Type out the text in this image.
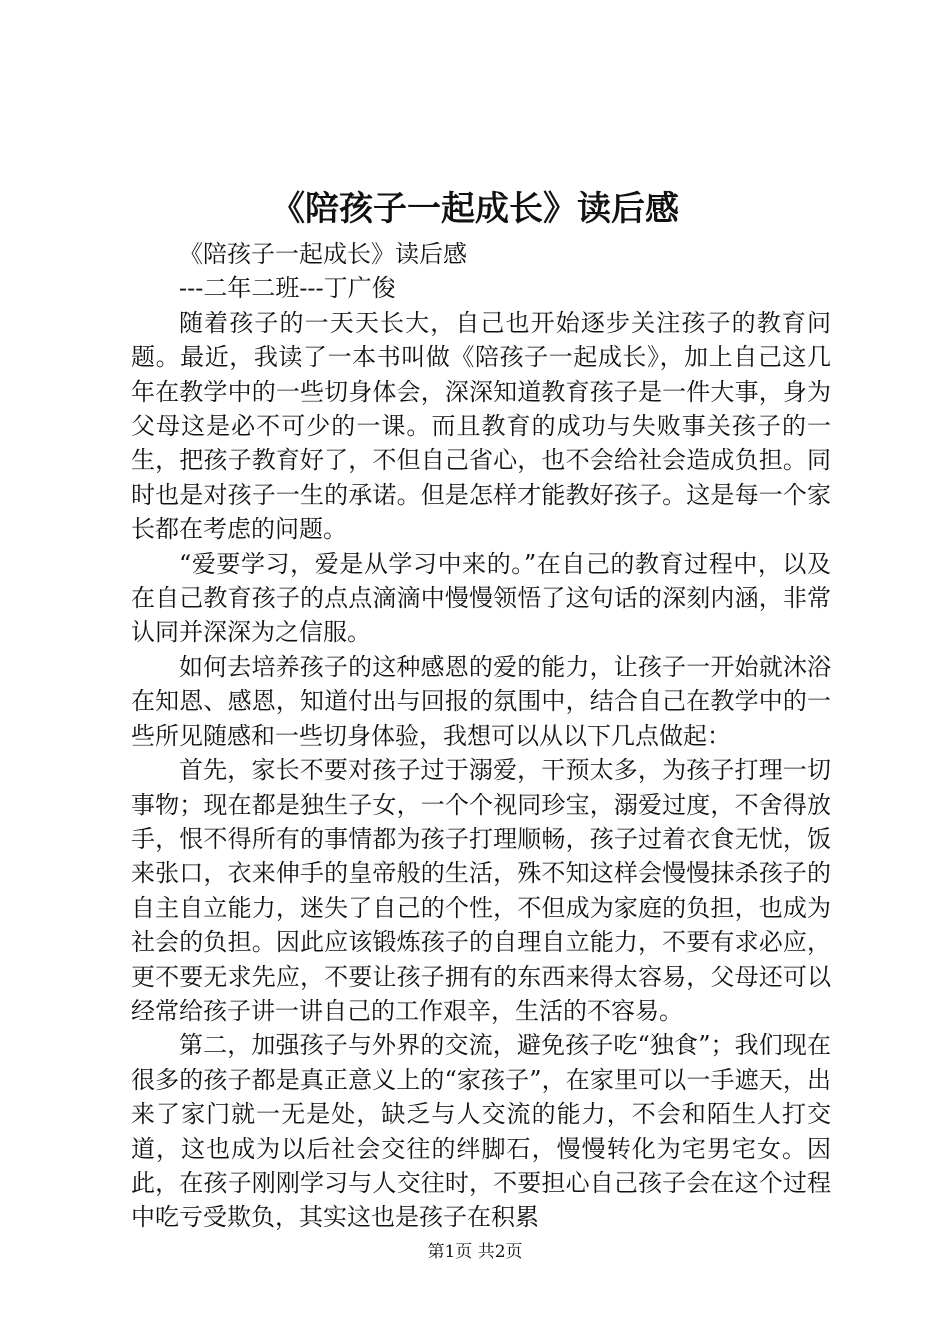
《陪孩子一起成长》读后感

《陪孩子一起成长》读后感

---二年二班---丁广俊

随着孩子的一天天长大，自己也开始逐步关注孩子的教育问题。最近，我读了一本书叫做《陪孩子一起成长》，加上自己这几年在教学中的一些切身体会，深深知道教育孩子是一件大事，身为父母这是必不可少的一课。而且教育的成功与失败事关孩子的一生，把孩子教育好了，不但自己省心，也不会给社会造成负担。同时也是对孩子一生的承诺。但是怎样才能教好孩子。这是每一个家长都在考虑的问题。

“爱要学习，爱是从学习中来的。”在自己的教育过程中，以及在自己教育孩子的点点滴滴中慢慢领悟了这句话的深刻内涵，非常认同并深深为之信服。

如何去培养孩子的这种感恩的爱的能力，让孩子一开始就沐浴在知恩、感恩，知道付出与回报的氛围中，结合自己在教学中的一些所见随感和一些切身体验，我想可以从以下几点做起：

首先，家长不要对孩子过于溺爱，干预太多，为孩子打理一切事物；现在都是独生子女，一个个视同珍宝，溺爱过度，不舍得放手，恨不得所有的事情都为孩子打理顺畅，孩子过着衣食无忧，饭来张口，衣来伸手的皇帝般的生活，殊不知这样会慢慢抹杀孩子的自主自立能力，迷失了自己的个性，不但成为家庭的负担，也成为社会的负担。因此应该锻炼孩子的自理自立能力，不要有求必应，更不要无求先应，不要让孩子拥有的东西来得太容易，父母还可以经常给孩子讲一讲自己的工作艰辛，生活的不容易。

第二，加强孩子与外界的交流，避免孩子吃“独食”；我们现在很多的孩子都是真正意义上的“家孩子”，在家里可以一手遮天，出来了家门就一无是处，缺乏与人交流的能力，不会和陌生人打交道，这也成为以后社会交往的绊脚石，慢慢转化为宅男宅女。因此，在孩子刚刚学习与人交往时，不要担心自己孩子会在这个过程中吃亏受欺负，其实这也是孩子在积累

第1页 共2页
